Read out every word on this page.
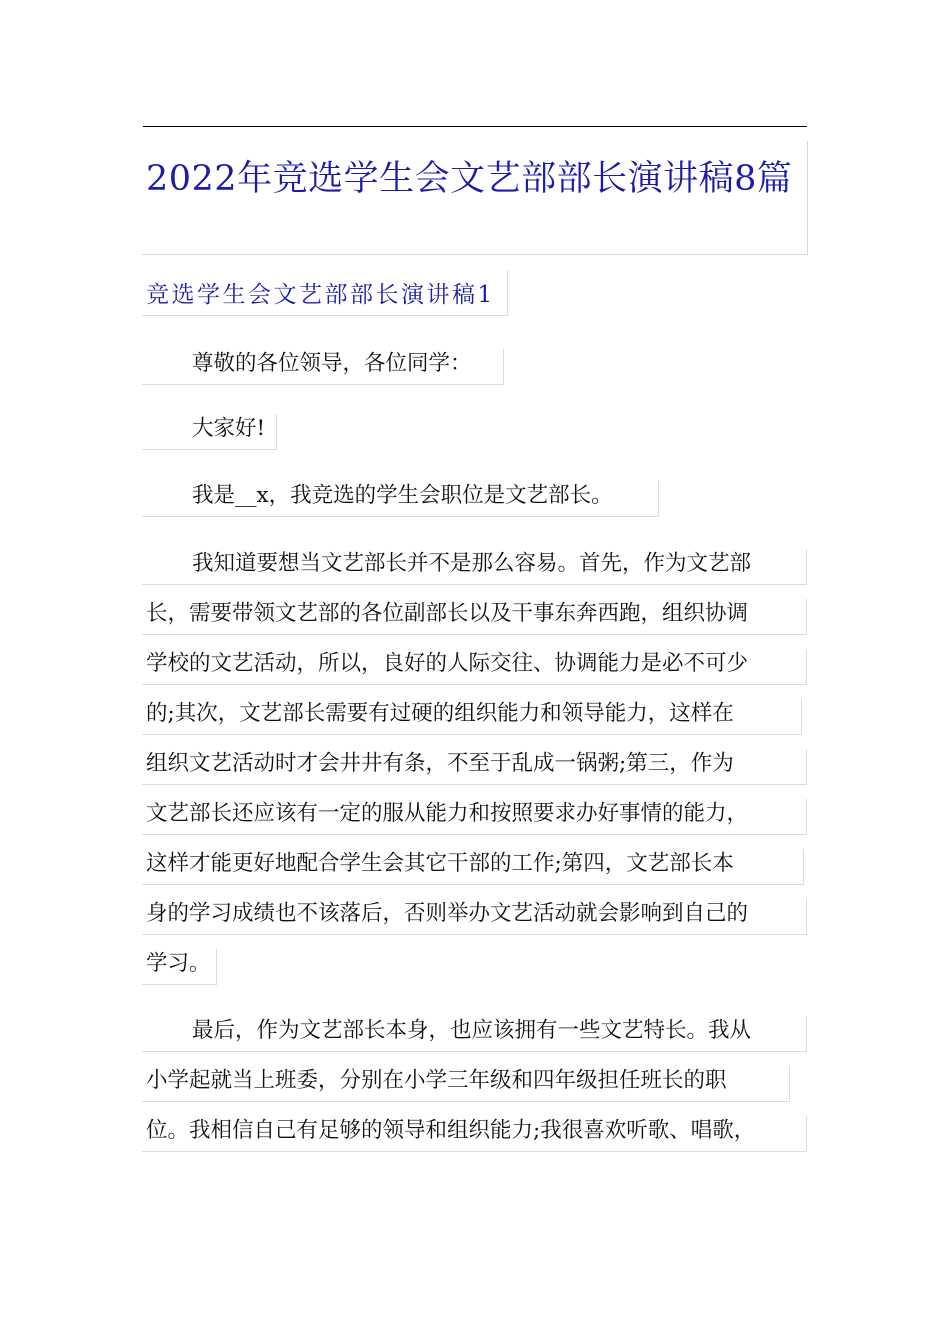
2022年竞选学生会文艺部部长演讲稿8篇
竞选学生会文艺部部长演讲稿1
尊敬的各位领导，各位同学：
大家好!
我是__x，我竞选的学生会职位是文艺部长。
我知道要想当文艺部长并不是那么容易。首先，作为文艺部
长，需要带领文艺部的各位副部长以及干事东奔西跑，组织协调
学校的文艺活动，所以，良好的人际交往、协调能力是必不可少
的;其次，文艺部长需要有过硬的组织能力和领导能力，这样在
组织文艺活动时才会井井有条，不至于乱成一锅粥;第三，作为
文艺部长还应该有一定的服从能力和按照要求办好事情的能力，
这样才能更好地配合学生会其它干部的工作;第四，文艺部长本
身的学习成绩也不该落后，否则举办文艺活动就会影响到自己的
学习。
最后，作为文艺部长本身，也应该拥有一些文艺特长。我从
小学起就当上班委，分别在小学三年级和四年级担任班长的职
位。我相信自己有足够的领导和组织能力;我很喜欢听歌、唱歌，
